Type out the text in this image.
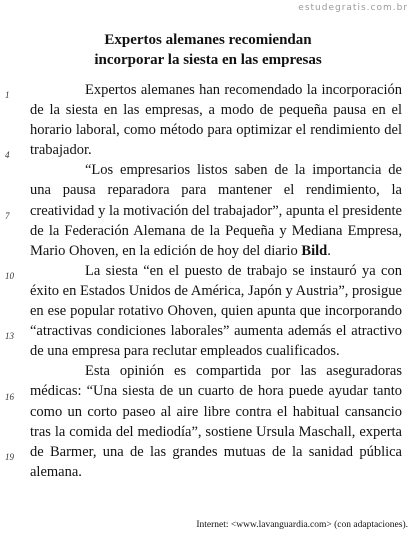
estudegratis.com.br
Expertos alemanes recomiendan
incorporar la siesta en las empresas
1
4
7
10
13
16
19

Expertos alemanes han recomendado la incorporación de la siesta en las empresas, a modo de pequeña pausa en el horario laboral, como método para optimizar el rendimiento del trabajador.

“Los empresarios listos saben de la importancia de una pausa reparadora para mantener el rendimiento, la creatividad y la motivación del trabajador”, apunta el presidente de la Federación Alemana de la Pequeña y Mediana Empresa, Mario Ohoven, en la edición de hoy del diario Bild.

La siesta “en el puesto de trabajo se instauró ya con éxito en Estados Unidos de América, Japón y Austria”, prosigue en ese popular rotativo Ohoven, quien apunta que incorporando “atractivas condiciones laborales” aumenta además el atractivo de una empresa para reclutar empleados cualificados.

Esta opinión es compartida por las aseguradoras médicas: “Una siesta de un cuarto de hora puede ayudar tanto como un corto paseo al aire libre contra el habitual cansancio tras la comida del mediodía”, sostiene Ursula Maschall, experta de Barmer, una de las grandes mutuas de la sanidad pública alemana.

Internet: <www.lavanguardia.com> (con adaptaciones).
